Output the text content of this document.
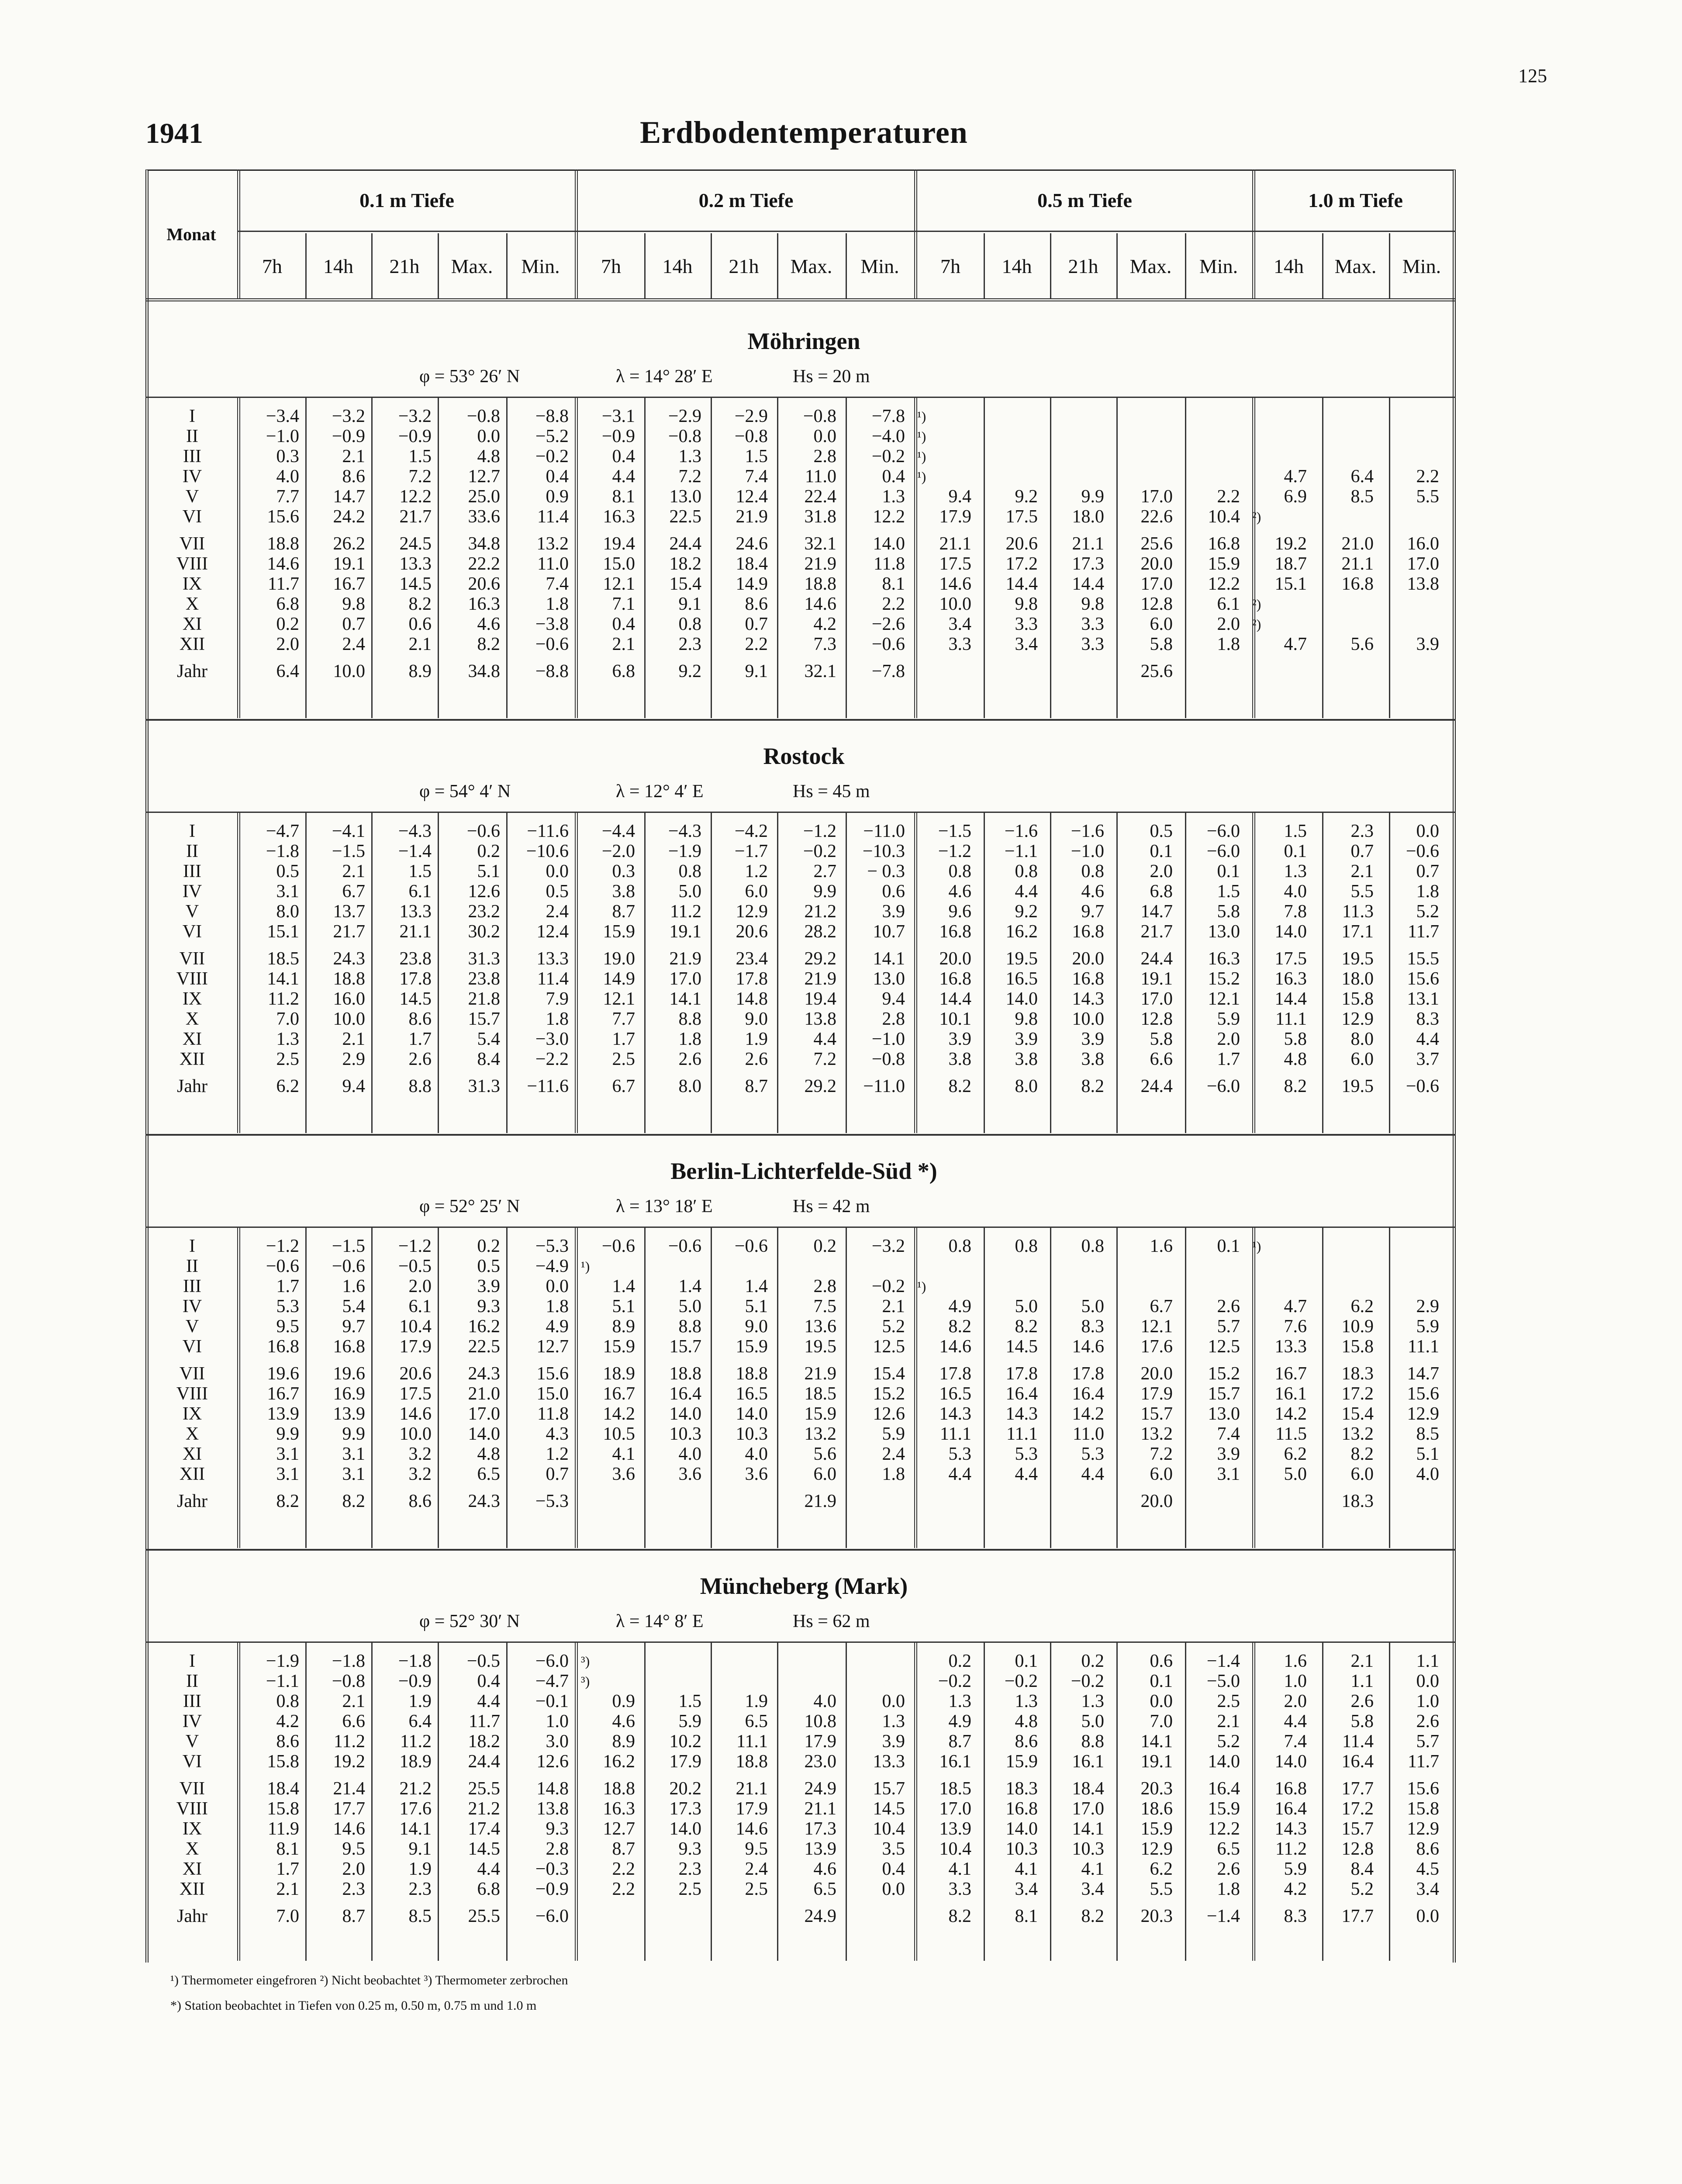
125
1941	Erdbodentemperaturen
Monat
0.1 m Tiefe	0.2 m Tiefe	0.5 m Tiefe	1.0 m Tiefe
7h	14h	21h	Max.	Min.	7h	14h	21h	Max.	Min.	7h	14h	21h	Max.	Min.	14h	Max.	Min.
Möhringen
φ = 53° 26′ N	λ = 14° 28′ E	Hs = 20 m
I	−3.4	−3.2	−3.2	−0.8	−8.8	−3.1	−2.9	−2.9	−0.8	−7.8	¹)							
II	−1.0	−0.9	−0.9	0.0	−5.2	−0.9	−0.8	−0.8	0.0	−4.0	¹)							
III	0.3	2.1	1.5	4.8	−0.2	0.4	1.3	1.5	2.8	−0.2	¹)							
IV	4.0	8.6	7.2	12.7	0.4	4.4	7.2	7.4	11.0	0.4	¹)					4.7	6.4	2.2
V	7.7	14.7	12.2	25.0	0.9	8.1	13.0	12.4	22.4	1.3	9.4	9.2	9.9	17.0	2.2	6.9	8.5	5.5
VI	15.6	24.2	21.7	33.6	11.4	16.3	22.5	21.9	31.8	12.2	17.9	17.5	18.0	22.6	10.4	²)		
VII	18.8	26.2	24.5	34.8	13.2	19.4	24.4	24.6	32.1	14.0	21.1	20.6	21.1	25.6	16.8	19.2	21.0	16.0
VIII	14.6	19.1	13.3	22.2	11.0	15.0	18.2	18.4	21.9	11.8	17.5	17.2	17.3	20.0	15.9	18.7	21.1	17.0
IX	11.7	16.7	14.5	20.6	7.4	12.1	15.4	14.9	18.8	8.1	14.6	14.4	14.4	17.0	12.2	15.1	16.8	13.8
X	6.8	9.8	8.2	16.3	1.8	7.1	9.1	8.6	14.6	2.2	10.0	9.8	9.8	12.8	6.1	²)		
XI	0.2	0.7	0.6	4.6	−3.8	0.4	0.8	0.7	4.2	−2.6	3.4	3.3	3.3	6.0	2.0	²)		
XII	2.0	2.4	2.1	8.2	−0.6	2.1	2.3	2.2	7.3	−0.6	3.3	3.4	3.3	5.8	1.8	4.7	5.6	3.9
Jahr	6.4	10.0	8.9	34.8	−8.8	6.8	9.2	9.1	32.1	−7.8				25.6				
Rostock
φ = 54° 4′ N	λ = 12° 4′ E	Hs = 45 m
I	−4.7	−4.1	−4.3	−0.6	−11.6	−4.4	−4.3	−4.2	−1.2	−11.0	−1.5	−1.6	−1.6	0.5	−6.0	1.5	2.3	0.0
II	−1.8	−1.5	−1.4	0.2	−10.6	−2.0	−1.9	−1.7	−0.2	−10.3	−1.2	−1.1	−1.0	0.1	−6.0	0.1	0.7	−0.6
III	0.5	2.1	1.5	5.1	0.0	0.3	0.8	1.2	2.7	− 0.3	0.8	0.8	0.8	2.0	0.1	1.3	2.1	0.7
IV	3.1	6.7	6.1	12.6	0.5	3.8	5.0	6.0	9.9	0.6	4.6	4.4	4.6	6.8	1.5	4.0	5.5	1.8
V	8.0	13.7	13.3	23.2	2.4	8.7	11.2	12.9	21.2	3.9	9.6	9.2	9.7	14.7	5.8	7.8	11.3	5.2
VI	15.1	21.7	21.1	30.2	12.4	15.9	19.1	20.6	28.2	10.7	16.8	16.2	16.8	21.7	13.0	14.0	17.1	11.7
VII	18.5	24.3	23.8	31.3	13.3	19.0	21.9	23.4	29.2	14.1	20.0	19.5	20.0	24.4	16.3	17.5	19.5	15.5
VIII	14.1	18.8	17.8	23.8	11.4	14.9	17.0	17.8	21.9	13.0	16.8	16.5	16.8	19.1	15.2	16.3	18.0	15.6
IX	11.2	16.0	14.5	21.8	7.9	12.1	14.1	14.8	19.4	9.4	14.4	14.0	14.3	17.0	12.1	14.4	15.8	13.1
X	7.0	10.0	8.6	15.7	1.8	7.7	8.8	9.0	13.8	2.8	10.1	9.8	10.0	12.8	5.9	11.1	12.9	8.3
XI	1.3	2.1	1.7	5.4	−3.0	1.7	1.8	1.9	4.4	−1.0	3.9	3.9	3.9	5.8	2.0	5.8	8.0	4.4
XII	2.5	2.9	2.6	8.4	−2.2	2.5	2.6	2.6	7.2	−0.8	3.8	3.8	3.8	6.6	1.7	4.8	6.0	3.7
Jahr	6.2	9.4	8.8	31.3	−11.6	6.7	8.0	8.7	29.2	−11.0	8.2	8.0	8.2	24.4	−6.0	8.2	19.5	−0.6
Berlin-Lichterfelde-Süd *)
φ = 52° 25′ N	λ = 13° 18′ E	Hs = 42 m
I	−1.2	−1.5	−1.2	0.2	−5.3	−0.6	−0.6	−0.6	0.2	−3.2	0.8	0.8	0.8	1.6	0.1	¹)		
II	−0.6	−0.6	−0.5	0.5	−4.9	¹)												
III	1.7	1.6	2.0	3.9	0.0	1.4	1.4	1.4	2.8	−0.2	¹)							
IV	5.3	5.4	6.1	9.3	1.8	5.1	5.0	5.1	7.5	2.1	4.9	5.0	5.0	6.7	2.6	4.7	6.2	2.9
V	9.5	9.7	10.4	16.2	4.9	8.9	8.8	9.0	13.6	5.2	8.2	8.2	8.3	12.1	5.7	7.6	10.9	5.9
VI	16.8	16.8	17.9	22.5	12.7	15.9	15.7	15.9	19.5	12.5	14.6	14.5	14.6	17.6	12.5	13.3	15.8	11.1
VII	19.6	19.6	20.6	24.3	15.6	18.9	18.8	18.8	21.9	15.4	17.8	17.8	17.8	20.0	15.2	16.7	18.3	14.7
VIII	16.7	16.9	17.5	21.0	15.0	16.7	16.4	16.5	18.5	15.2	16.5	16.4	16.4	17.9	15.7	16.1	17.2	15.6
IX	13.9	13.9	14.6	17.0	11.8	14.2	14.0	14.0	15.9	12.6	14.3	14.3	14.2	15.7	13.0	14.2	15.4	12.9
X	9.9	9.9	10.0	14.0	4.3	10.5	10.3	10.3	13.2	5.9	11.1	11.1	11.0	13.2	7.4	11.5	13.2	8.5
XI	3.1	3.1	3.2	4.8	1.2	4.1	4.0	4.0	5.6	2.4	5.3	5.3	5.3	7.2	3.9	6.2	8.2	5.1
XII	3.1	3.1	3.2	6.5	0.7	3.6	3.6	3.6	6.0	1.8	4.4	4.4	4.4	6.0	3.1	5.0	6.0	4.0
Jahr	8.2	8.2	8.6	24.3	−5.3				21.9					20.0			18.3	
Müncheberg (Mark)
φ = 52° 30′ N	λ = 14° 8′ E	Hs = 62 m
I	−1.9	−1.8	−1.8	−0.5	−6.0	³)					0.2	0.1	0.2	0.6	−1.4	1.6	2.1	1.1
II	−1.1	−0.8	−0.9	0.4	−4.7	³)					−0.2	−0.2	−0.2	0.1	−5.0	1.0	1.1	0.0
III	0.8	2.1	1.9	4.4	−0.1	0.9	1.5	1.9	4.0	0.0	1.3	1.3	1.3	0.0	2.5	2.0	2.6	1.0
IV	4.2	6.6	6.4	11.7	1.0	4.6	5.9	6.5	10.8	1.3	4.9	4.8	5.0	7.0	2.1	4.4	5.8	2.6
V	8.6	11.2	11.2	18.2	3.0	8.9	10.2	11.1	17.9	3.9	8.7	8.6	8.8	14.1	5.2	7.4	11.4	5.7
VI	15.8	19.2	18.9	24.4	12.6	16.2	17.9	18.8	23.0	13.3	16.1	15.9	16.1	19.1	14.0	14.0	16.4	11.7
VII	18.4	21.4	21.2	25.5	14.8	18.8	20.2	21.1	24.9	15.7	18.5	18.3	18.4	20.3	16.4	16.8	17.7	15.6
VIII	15.8	17.7	17.6	21.2	13.8	16.3	17.3	17.9	21.1	14.5	17.0	16.8	17.0	18.6	15.9	16.4	17.2	15.8
IX	11.9	14.6	14.1	17.4	9.3	12.7	14.0	14.6	17.3	10.4	13.9	14.0	14.1	15.9	12.2	14.3	15.7	12.9
X	8.1	9.5	9.1	14.5	2.8	8.7	9.3	9.5	13.9	3.5	10.4	10.3	10.3	12.9	6.5	11.2	12.8	8.6
XI	1.7	2.0	1.9	4.4	−0.3	2.2	2.3	2.4	4.6	0.4	4.1	4.1	4.1	6.2	2.6	5.9	8.4	4.5
XII	2.1	2.3	2.3	6.8	−0.9	2.2	2.5	2.5	6.5	0.0	3.3	3.4	3.4	5.5	1.8	4.2	5.2	3.4
Jahr	7.0	8.7	8.5	25.5	−6.0				24.9		8.2	8.1	8.2	20.3	−1.4	8.3	17.7	0.0
¹) Thermometer eingefroren ²) Nicht beobachtet ³) Thermometer zerbrochen
*) Station beobachtet in Tiefen von 0.25 m, 0.50 m, 0.75 m und 1.0 m
